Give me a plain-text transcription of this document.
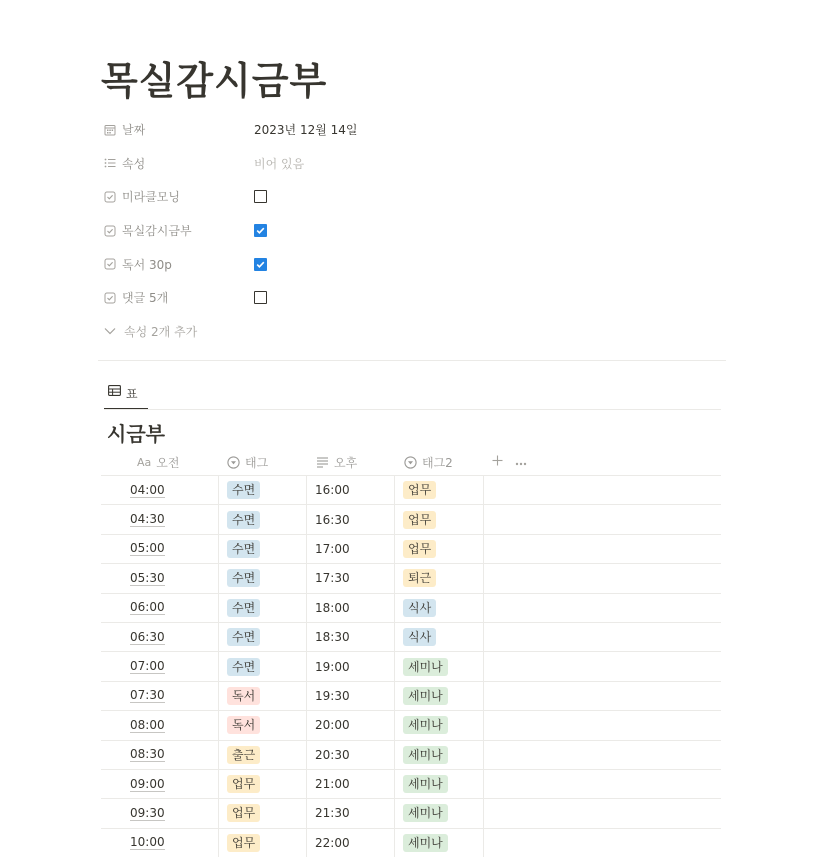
목실감시금부
날짜	2023년 12월 14일
속성	비어 있음
미라클모닝
목실감시금부
독서 30p
댓글 5개
속성 2개 추가
표
시금부
Aa 오전	태그	오후	태그2
04:00	수면	16:00	업무
04:30	수면	16:30	업무
05:00	수면	17:00	업무
05:30	수면	17:30	퇴근
06:00	수면	18:00	식사
06:30	수면	18:30	식사
07:00	수면	19:00	세미나
07:30	독서	19:30	세미나
08:00	독서	20:00	세미나
08:30	출근	20:30	세미나
09:00	업무	21:00	세미나
09:30	업무	21:30	세미나
10:00	업무	22:00	세미나
